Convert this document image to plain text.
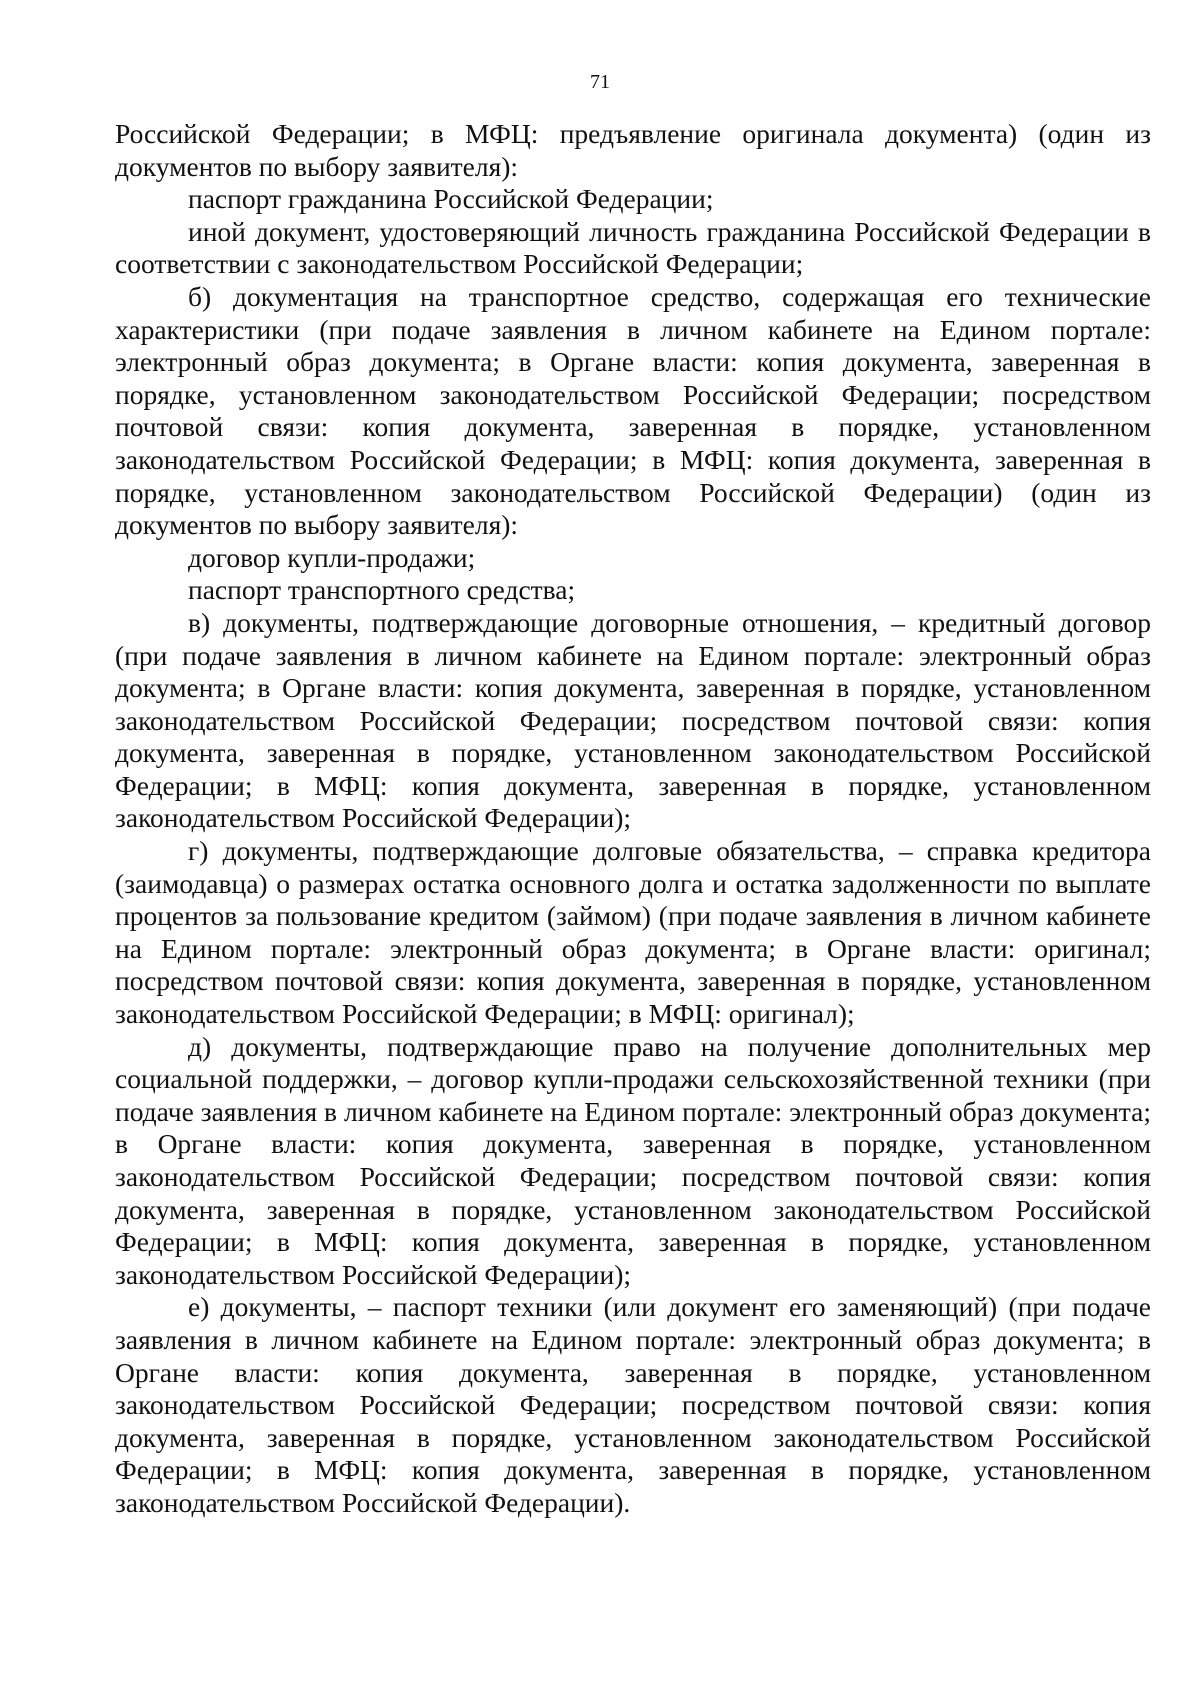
71

Российской Федерации; в МФЦ: предъявление оригинала документа) (один из документов по выбору заявителя):

паспорт гражданина Российской Федерации;

иной документ, удостоверяющий личность гражданина Российской Федерации в соответствии с законодательством Российской Федерации;

б) документация на транспортное средство, содержащая его технические характеристики (при подаче заявления в личном кабинете на Едином портале: электронный образ документа; в Органе власти: копия документа, заверенная в порядке, установленном законодательством Российской Федерации; посредством почтовой связи: копия документа, заверенная в порядке, установленном законодательством Российской Федерации; в МФЦ: копия документа, заверенная в порядке, установленном законодательством Российской Федерации) (один из документов по выбору заявителя):

договор купли-продажи;

паспорт транспортного средства;

в) документы, подтверждающие договорные отношения, – кредитный договор (при подаче заявления в личном кабинете на Едином портале: электронный образ документа; в Органе власти: копия документа, заверенная в порядке, установленном законодательством Российской Федерации; посредством почтовой связи: копия документа, заверенная в порядке, установленном законодательством Российской Федерации; в МФЦ: копия документа, заверенная в порядке, установленном законодательством Российской Федерации);

г) документы, подтверждающие долговые обязательства, – справка кредитора (заимодавца) о размерах остатка основного долга и остатка задолженности по выплате процентов за пользование кредитом (займом) (при подаче заявления в личном кабинете на Едином портале: электронный образ документа; в Органе власти: оригинал; посредством почтовой связи: копия документа, заверенная в порядке, установленном законодательством Российской Федерации; в МФЦ: оригинал);

д) документы, подтверждающие право на получение дополнительных мер социальной поддержки, – договор купли-продажи сельскохозяйственной техники (при подаче заявления в личном кабинете на Едином портале: электронный образ документа; в Органе власти: копия документа, заверенная в порядке, установленном законодательством Российской Федерации; посредством почтовой связи: копия документа, заверенная в порядке, установленном законодательством Российской Федерации; в МФЦ: копия документа, заверенная в порядке, установленном законодательством Российской Федерации);

е) документы, – паспорт техники (или документ его заменяющий) (при подаче заявления в личном кабинете на Едином портале: электронный образ документа; в Органе власти: копия документа, заверенная в порядке, установленном законодательством Российской Федерации; посредством почтовой связи: копия документа, заверенная в порядке, установленном законодательством Российской Федерации; в МФЦ: копия документа, заверенная в порядке, установленном законодательством Российской Федерации).
